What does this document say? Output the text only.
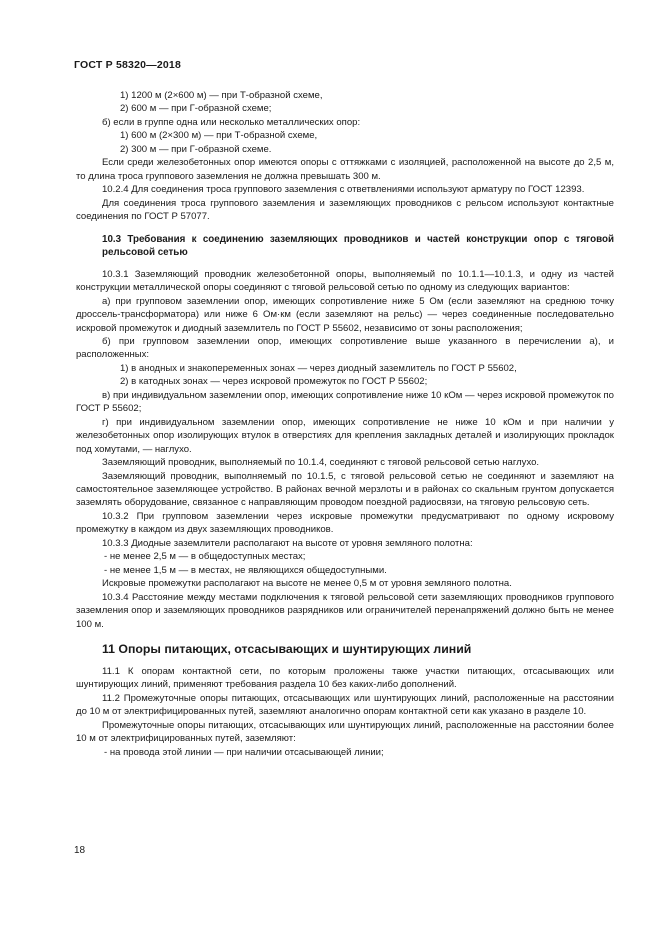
ГОСТ Р 58320—2018

1) 1200 м (2×600 м) — при Т-образной схеме,

2) 600 м — при Г-образной схеме;

б) если в группе одна или несколько металлических опор:

1) 600 м (2×300 м) — при Т-образной схеме,

2) 300 м — при Г-образной схеме.

Если среди железобетонных опор имеются опоры с оттяжками с изоляцией, расположенной на высоте до 2,5 м, то длина троса группового заземления не должна превышать 300 м.

10.2.4 Для соединения троса группового заземления с ответвлениями используют арматуру по ГОСТ 12393.

Для соединения троса группового заземления и заземляющих проводников с рельсом используют контактные соединения по ГОСТ Р 57077.

10.3 Требования к соединению заземляющих проводников и частей конструкции опор с тяговой рельсовой сетью

10.3.1 Заземляющий проводник железобетонной опоры, выполняемый по 10.1.1—10.1.3, и одну из частей конструкции металлической опоры соединяют с тяговой рельсовой сетью по одному из следующих вариантов:

а) при групповом заземлении опор, имеющих сопротивление ниже 5 Ом (если заземляют на среднюю точку дроссель-трансформатора) или ниже 6 Ом·км (если заземляют на рельс) — через соединенные последовательно искровой промежуток и диодный заземлитель по ГОСТ Р 55602, независимо от зоны расположения;

б) при групповом заземлении опор, имеющих сопротивление выше указанного в перечислении а), и расположенных:

1) в анодных и знакопеременных зонах — через диодный заземлитель по ГОСТ Р 55602,

2) в катодных зонах — через искровой промежуток по ГОСТ Р 55602;

в) при индивидуальном заземлении опор, имеющих сопротивление ниже 10 кОм — через искровой промежуток по ГОСТ Р 55602;

г) при индивидуальном заземлении опор, имеющих сопротивление не ниже 10 кОм и при наличии у железобетонных опор изолирующих втулок в отверстиях для крепления закладных деталей и изолирующих прокладок под хомутами, — наглухо.

Заземляющий проводник, выполняемый по 10.1.4, соединяют с тяговой рельсовой сетью наглухо.

Заземляющий проводник, выполняемый по 10.1.5, с тяговой рельсовой сетью не соединяют и заземляют на самостоятельное заземляющее устройство. В районах вечной мерзлоты и в районах со скальным грунтом допускается заземлять оборудование, связанное с направляющим проводом поездной радиосвязи, на тяговую рельсовую сеть.

10.3.2 При групповом заземлении через искровые промежутки предусматривают по одному искровому промежутку в каждом из двух заземляющих проводников.

10.3.3 Диодные заземлители располагают на высоте от уровня земляного полотна:

- не менее 2,5 м — в общедоступных местах;

- не менее 1,5 м — в местах, не являющихся общедоступными.

Искровые промежутки располагают на высоте не менее 0,5 м от уровня земляного полотна.

10.3.4 Расстояние между местами подключения к тяговой рельсовой сети заземляющих проводников группового заземления опор и заземляющих проводников разрядников или ограничителей перенапряжений должно быть не менее 100 м.

11 Опоры питающих, отсасывающих и шунтирующих линий

11.1 К опорам контактной сети, по которым проложены также участки питающих, отсасывающих или шунтирующих линий, применяют требования раздела 10 без каких-либо дополнений.

11.2 Промежуточные опоры питающих, отсасывающих или шунтирующих линий, расположенные на расстоянии до 10 м от электрифицированных путей, заземляют аналогично опорам контактной сети как указано в разделе 10.

Промежуточные опоры питающих, отсасывающих или шунтирующих линий, расположенные на расстоянии более 10 м от электрифицированных путей, заземляют:

- на провода этой линии — при наличии отсасывающей линии;

18
